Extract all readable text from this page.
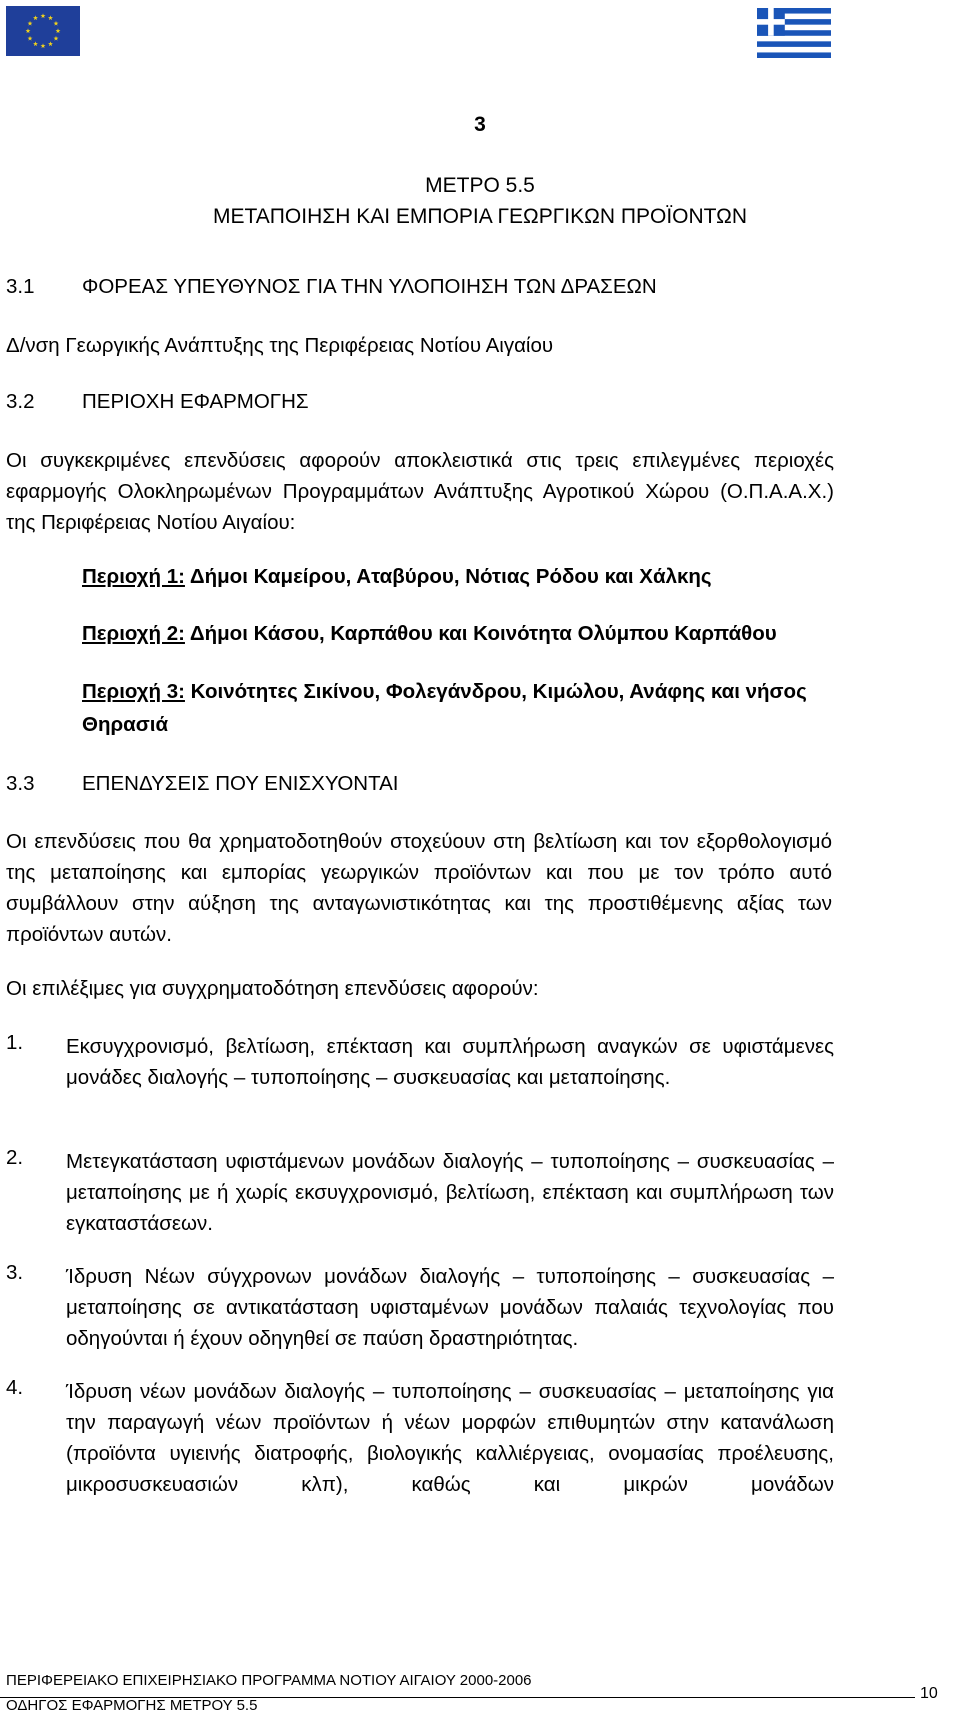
3
ΜΕΤΡΟ 5.5
ΜΕΤΑΠΟΙΗΣΗ ΚΑΙ ΕΜΠΟΡΙΑ ΓΕΩΡΓΙΚΩΝ ΠΡΟΪΟΝΤΩΝ
3.1 ΦΟΡΕΑΣ ΥΠΕΥΘΥΝΟΣ ΓΙΑ ΤΗΝ ΥΛΟΠΟΙΗΣΗ ΤΩΝ ΔΡΑΣΕΩΝ
Δ/νση Γεωργικής Ανάπτυξης της Περιφέρειας Νοτίου Αιγαίου
3.2 ΠΕΡΙΟΧΗ ΕΦΑΡΜΟΓΗΣ
Οι συγκεκριμένες επενδύσεις αφορούν αποκλειστικά στις τρεις επιλεγμένες περιοχές εφαρμογής Ολοκληρωμένων Προγραμμάτων Ανάπτυξης Αγροτικού Χώρου (Ο.Π.Α.Α.Χ.) της Περιφέρειας Νοτίου Αιγαίου:
Περιοχή 1: Δήμοι Καμείρου, Αταβύρου, Νότιας Ρόδου και Χάλκης
Περιοχή 2: Δήμοι Κάσου, Καρπάθου και Κοινότητα Ολύμπου Καρπάθου
Περιοχή 3: Κοινότητες Σικίνου, Φολεγάνδρου, Κιμώλου, Ανάφης και νήσος Θηρασιά
3.3 ΕΠΕΝΔΥΣΕΙΣ ΠΟΥ ΕΝΙΣΧΥΟΝΤΑΙ
Οι επενδύσεις που θα χρηματοδοτηθούν στοχεύουν στη βελτίωση και τον εξορθολογισμό της μεταποίησης και εμπορίας γεωργικών προϊόντων και που με τον τρόπο αυτό συμβάλλουν στην αύξηση της ανταγωνιστικότητας και της προστιθέμενης αξίας των προϊόντων αυτών.
Οι επιλέξιμες για συγχρηματοδότηση επενδύσεις αφορούν:
1. Εκσυγχρονισμό, βελτίωση, επέκταση και συμπλήρωση αναγκών σε υφιστάμενες μονάδες διαλογής – τυποποίησης – συσκευασίας και μεταποίησης.
2. Μετεγκατάσταση υφιστάμενων μονάδων διαλογής – τυποποίησης – συσκευασίας – μεταποίησης με ή χωρίς εκσυγχρονισμό, βελτίωση, επέκταση και συμπλήρωση των εγκαταστάσεων.
3. Ίδρυση Νέων σύγχρονων μονάδων διαλογής – τυποποίησης – συσκευασίας – μεταποίησης σε αντικατάσταση υφισταμένων μονάδων παλαιάς τεχνολογίας που οδηγούνται ή έχουν οδηγηθεί σε παύση δραστηριότητας.
4. Ίδρυση νέων μονάδων διαλογής – τυποποίησης – συσκευασίας – μεταποίησης για την παραγωγή νέων προϊόντων ή νέων μορφών επιθυμητών στην κατανάλωση (προϊόντα υγιεινής διατροφής, βιολογικής καλλιέργειας, ονομασίας προέλευσης, μικροσυσκευασιών κλπ), καθώς και μικρών μονάδων
ΠΕΡΙΦΕΡΕΙΑΚΟ ΕΠΙΧΕΙΡΗΣΙΑΚΟ ΠΡΟΓΡΑΜΜΑ ΝΟΤΙΟΥ ΑΙΓΑΙΟΥ 2000-2006
ΟΔΗΓΟΣ ΕΦΑΡΜΟΓΗΣ ΜΕΤΡΟΥ 5.5
10
